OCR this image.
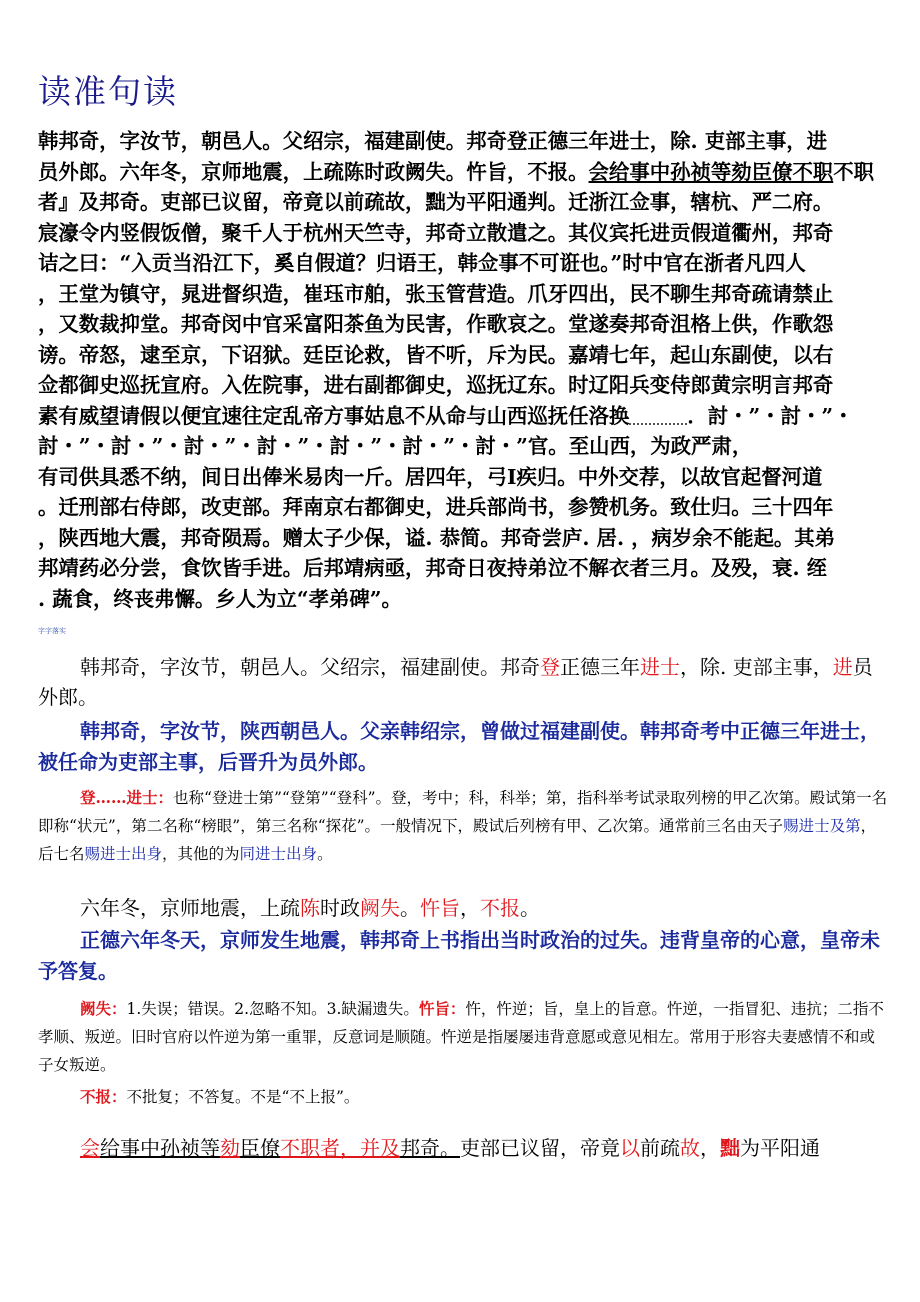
读准句读
韩邦奇，字汝节，朝邑人。父绍宗，福建副使。邦奇登正德三年进士，除. 吏部主事，进
员外郎。六年冬，京师地震，上疏陈时政阙失。忤旨，不报。会给事中孙祯等劾臣僚不职不职
者』及邦奇。吏部已议留，帝竟以前疏故，黜为平阳通判。迁浙江佥事，辖杭、严二府。
宸濠令内竖假饭僧，聚千人于杭州天竺寺，邦奇立散遣之。其仪宾托进贡假道衢州，邦奇
诘之曰：“入贡当沿江下，奚自假道？归语王，韩佥事不可诳也。”时中官在浙者凡四人
，王堂为镇守，晁进督织造，崔珏市舶，张玉管营造。爪牙四出，民不聊生邦奇疏请禁止
，又数裁抑堂。邦奇闵中官采富阳茶鱼为民害，作歌哀之。堂遂奏邦奇沮格上供，作歌怨
谤。帝怒，逮至京，下诏狱。廷臣论救，皆不听，斥为民。嘉靖七年，起山东副使，以右
佥都御史巡抚宣府。入佐院事，进右副都御史，巡抚辽东。时辽阳兵变侍郎黄宗明言邦奇
素有威望请假以便宜速往定乱帝方事姑息不从命与山西巡抚任洛换	．討・”・討・”・
討・”・討・”・討・”・討・”・討・”・討・”・討・”官。至山西，为政严肃，
有司供具悉不纳，间日出俸米易肉一斤。居四年，弓I疾归。中外交荐，以故官起督河道
。迁刑部右侍郎，改吏部。拜南京右都御史，进兵部尚书，参赞机务。致仕归。三十四年
，陕西地大震，邦奇陨焉。赠太子少保，谥. 恭简。邦奇尝庐. 居. ，病岁余不能起。其弟
邦靖药必分尝，食饮皆手进。后邦靖病亟，邦奇日夜持弟泣不解衣者三月。及殁，衰. 绖
. 蔬食，终丧弗懈。乡人为立“孝弟碑”。
字字落实
韩邦奇，字汝节，朝邑人。父绍宗，福建副使。邦奇登正德三年进士，除. 吏部主事，进员外郎。
韩邦奇，字汝节，陕西朝邑人。父亲韩绍宗，曾做过福建副使。韩邦奇考中正德三年进士，被任命为吏部主事，后晋升为员外郎。
登……进士：也称“登进士第”“登第”“登科”。登，考中；科，科举；第，指科举考试录取列榜的甲乙次第。殿试第一名即称“状元”，第二名称“榜眼”，第三名称“探花”。一般情况下，殿试后列榜有甲、乙次第。通常前三名由天子赐进士及第，后七名赐进士出身，其他的为同进士出身。
六年冬，京师地震，上疏陈时政阙失。忤旨，不报。
正德六年冬天，京师发生地震，韩邦奇上书指出当时政治的过失。违背皇帝的心意，皇帝未予答复。
阙失：1.失误；错误。2.忽略不知。3.缺漏遗失。忤旨：忤，忤逆；旨，皇上的旨意。忤逆，一指冒犯、违抗；二指不孝顺、叛逆。旧时官府以忤逆为第一重罪，反意词是顺随。忤逆是指屡屡违背意愿或意见相左。常用于形容夫妻感情不和或子女叛逆。
不报：不批复；不答复。不是“不上报”。
会给事中孙祯等劾臣僚不职者，并及邦奇。吏部已议留，帝竟以前疏故，黜为平阳通
